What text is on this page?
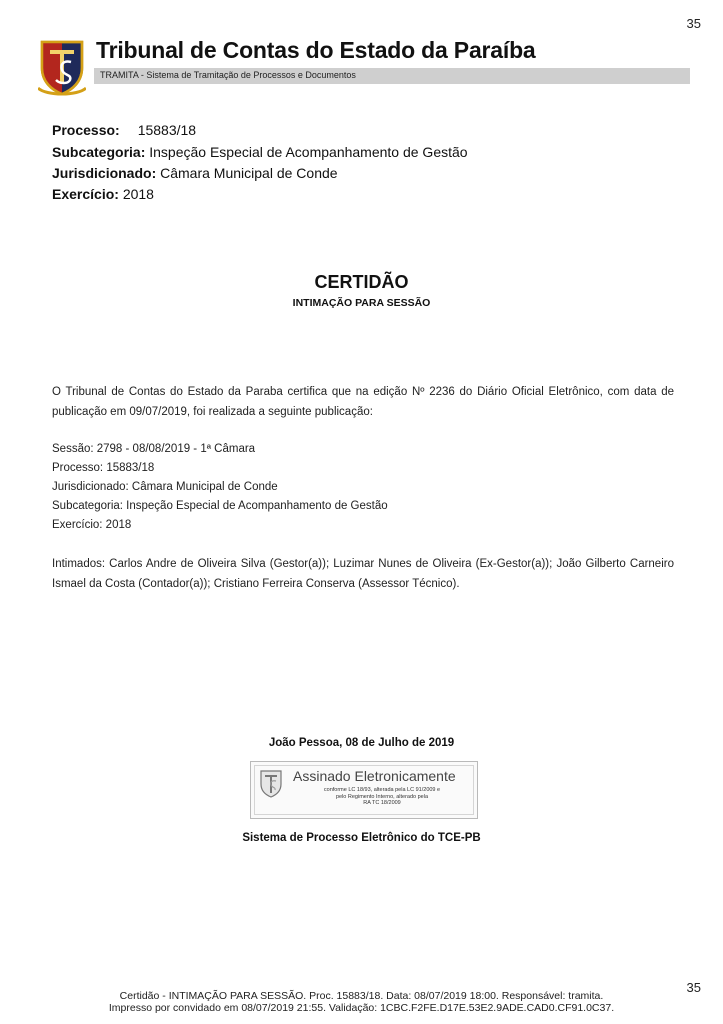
35
Tribunal de Contas do Estado da Paraíba
TRAMITA - Sistema de Tramitação de Processos e Documentos
Processo: 15883/18
Subcategoria: Inspeção Especial de Acompanhamento de Gestão
Jurisdicionado: Câmara Municipal de Conde
Exercício: 2018
CERTIDÃO
INTIMAÇÃO PARA SESSÃO
O Tribunal de Contas do Estado da Paraba certifica que na edição Nº 2236 do Diário Oficial Eletrônico, com data de publicação em 09/07/2019, foi realizada a seguinte publicação:
Sessão: 2798 - 08/08/2019 - 1ª Câmara
Processo: 15883/18
Jurisdicionado: Câmara Municipal de Conde
Subcategoria: Inspeção Especial de Acompanhamento de Gestão
Exercício: 2018
Intimados: Carlos Andre de Oliveira Silva (Gestor(a)); Luzimar Nunes de Oliveira (Ex-Gestor(a)); João Gilberto Carneiro Ismael da Costa (Contador(a)); Cristiano Ferreira Conserva (Assessor Técnico).
João Pessoa, 08 de Julho de 2019
Assinado Eletronicamente
conforme LC 18/93, alterada pela LC 91/2009 e
pelo Regimento Interno, alterado pela
RA TC 18/2009
Sistema de Processo Eletrônico do TCE-PB
35
Certidão - INTIMAÇÃO PARA SESSÃO. Proc. 15883/18. Data: 08/07/2019 18:00. Responsável: tramita.
Impresso por convidado em 08/07/2019 21:55. Validação: 1CBC.F2FE.D17E.53E2.9ADE.CAD0.CF91.0C37.
